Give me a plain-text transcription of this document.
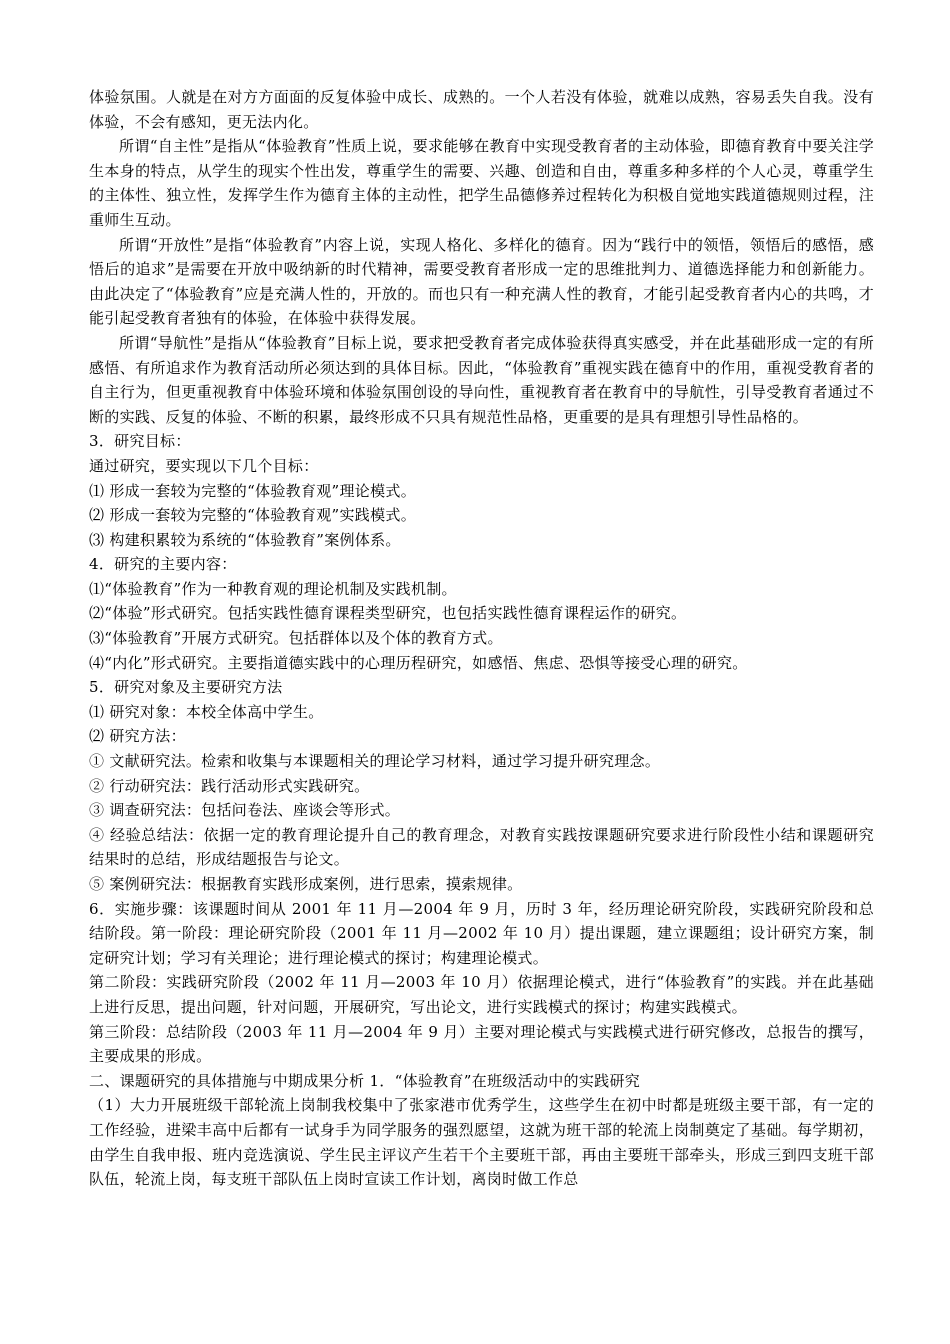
体验氛围。人就是在对方方面面的反复体验中成长、成熟的。一个人若没有体验，就难以成熟，容易丢失自我。没有体验，不会有感知，更无法内化。

所谓“自主性”是指从“体验教育”性质上说，要求能够在教育中实现受教育者的主动体验，即德育教育中要关注学生本身的特点，从学生的现实个性出发，尊重学生的需要、兴趣、创造和自由，尊重多种多样的个人心灵，尊重学生的主体性、独立性，发挥学生作为德育主体的主动性，把学生品德修养过程转化为积极自觉地实践道德规则过程，注重师生互动。

所谓“开放性”是指“体验教育”内容上说，实现人格化、多样化的德育。因为“践行中的领悟，领悟后的感悟，感悟后的追求”是需要在开放中吸纳新的时代精神，需要受教育者形成一定的思维批判力、道德选择能力和创新能力。由此决定了“体验教育”应是充满人性的，开放的。而也只有一种充满人性的教育，才能引起受教育者内心的共鸣，才能引起受教育者独有的体验，在体验中获得发展。

所谓“导航性”是指从“体验教育”目标上说，要求把受教育者完成体验获得真实感受，并在此基础形成一定的有所感悟、有所追求作为教育活动所必须达到的具体目标。因此，“体验教育”重视实践在德育中的作用，重视受教育者的自主行为，但更重视教育中体验环境和体验氛围创设的导向性，重视教育者在教育中的导航性，引导受教育者通过不断的实践、反复的体验、不断的积累，最终形成不只具有规范性品格，更重要的是具有理想引导性品格的。

3．研究目标：

通过研究，要实现以下几个目标：

⑴ 形成一套较为完整的“体验教育观”理论模式。

⑵ 形成一套较为完整的“体验教育观”实践模式。

⑶ 构建积累较为系统的“体验教育”案例体系。

4．研究的主要内容：

⑴“体验教育”作为一种教育观的理论机制及实践机制。

⑵“体验”形式研究。包括实践性德育课程类型研究，也包括实践性德育课程运作的研究。

⑶“体验教育”开展方式研究。包括群体以及个体的教育方式。

⑷“内化”形式研究。主要指道德实践中的心理历程研究，如感悟、焦虑、恐惧等接受心理的研究。

5．研究对象及主要研究方法

⑴ 研究对象：本校全体高中学生。

⑵ 研究方法：

① 文献研究法。检索和收集与本课题相关的理论学习材料，通过学习提升研究理念。

② 行动研究法：践行活动形式实践研究。

③ 调查研究法：包括问卷法、座谈会等形式。

④ 经验总结法：依据一定的教育理论提升自己的教育理念，对教育实践按课题研究要求进行阶段性小结和课题研究结果时的总结，形成结题报告与论文。

⑤ 案例研究法：根据教育实践形成案例，进行思索，摸索规律。

6．实施步骤：该课题时间从 2001 年 11 月—2004 年 9 月，历时 3 年，经历理论研究阶段，实践研究阶段和总结阶段。第一阶段：理论研究阶段（2001 年 11 月—2002 年 10 月）提出课题，建立课题组；设计研究方案，制定研究计划；学习有关理论；进行理论模式的探讨；构建理论模式。

第二阶段：实践研究阶段（2002 年 11 月—2003 年 10 月）依据理论模式，进行“体验教育”的实践。并在此基础上进行反思，提出问题，针对问题，开展研究，写出论文，进行实践模式的探讨；构建实践模式。

第三阶段：总结阶段（2003 年 11 月—2004 年 9 月）主要对理论模式与实践模式进行研究修改，总报告的撰写，主要成果的形成。

二、课题研究的具体措施与中期成果分析 1．“体验教育”在班级活动中的实践研究

（1）大力开展班级干部轮流上岗制我校集中了张家港市优秀学生，这些学生在初中时都是班级主要干部，有一定的工作经验，进梁丰高中后都有一试身手为同学服务的强烈愿望，这就为班干部的轮流上岗制奠定了基础。每学期初，由学生自我申报、班内竞选演说、学生民主评议产生若干个主要班干部，再由主要班干部牵头，形成三到四支班干部队伍，轮流上岗，每支班干部队伍上岗时宣读工作计划，离岗时做工作总
